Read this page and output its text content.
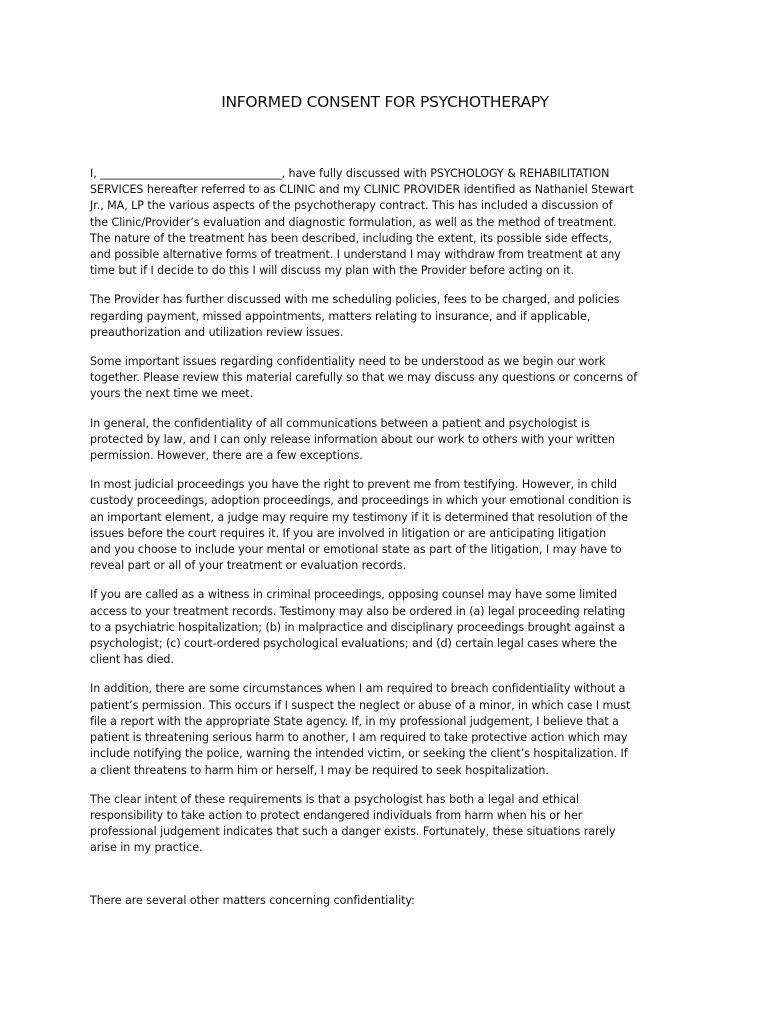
INFORMED CONSENT FOR PSYCHOTHERAPY

I, _________________________________, have fully discussed with PSYCHOLOGY & REHABILITATION
SERVICES hereafter referred to as CLINIC and my CLINIC PROVIDER identified as Nathaniel Stewart
Jr., MA, LP the various aspects of the psychotherapy contract. This has included a discussion of
the Clinic/Provider’s evaluation and diagnostic formulation, as well as the method of treatment.
The nature of the treatment has been described, including the extent, its possible side effects,
and possible alternative forms of treatment. I understand I may withdraw from treatment at any
time but if I decide to do this I will discuss my plan with the Provider before acting on it.

The Provider has further discussed with me scheduling policies, fees to be charged, and policies
regarding payment, missed appointments, matters relating to insurance, and if applicable,
preauthorization and utilization review issues.

Some important issues regarding confidentiality need to be understood as we begin our work
together. Please review this material carefully so that we may discuss any questions or concerns of
yours the next time we meet.

In general, the confidentiality of all communications between a patient and psychologist is
protected by law, and I can only release information about our work to others with your written
permission. However, there are a few exceptions.

In most judicial proceedings you have the right to prevent me from testifying. However, in child
custody proceedings, adoption proceedings, and proceedings in which your emotional condition is
an important element, a judge may require my testimony if it is determined that resolution of the
issues before the court requires it. If you are involved in litigation or are anticipating litigation
and you choose to include your mental or emotional state as part of the litigation, I may have to
reveal part or all of your treatment or evaluation records.

If you are called as a witness in criminal proceedings, opposing counsel may have some limited
access to your treatment records. Testimony may also be ordered in (a) legal proceeding relating
to a psychiatric hospitalization; (b) in malpractice and disciplinary proceedings brought against a
psychologist; (c) court-ordered psychological evaluations; and (d) certain legal cases where the
client has died.

In addition, there are some circumstances when I am required to breach confidentiality without a
patient’s permission. This occurs if I suspect the neglect or abuse of a minor, in which case I must
file a report with the appropriate State agency. If, in my professional judgement, I believe that a
patient is threatening serious harm to another, I am required to take protective action which may
include notifying the police, warning the intended victim, or seeking the client’s hospitalization. If
a client threatens to harm him or herself, I may be required to seek hospitalization.

The clear intent of these requirements is that a psychologist has both a legal and ethical
responsibility to take action to protect endangered individuals from harm when his or her
professional judgement indicates that such a danger exists. Fortunately, these situations rarely
arise in my practice.

There are several other matters concerning confidentiality:
